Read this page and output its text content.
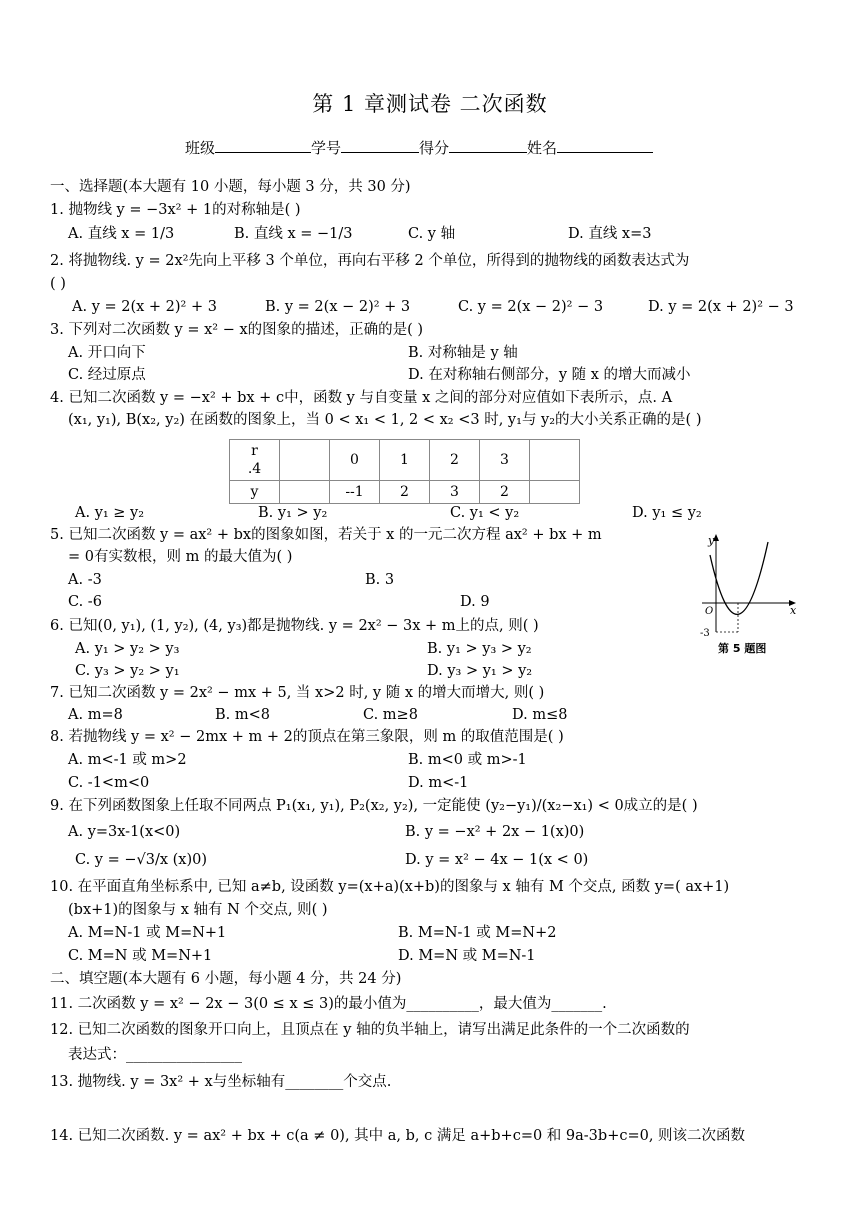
第 1 章测试卷 二次函数
班级	学号	得分	姓名
一、选择题(本大题有 10 小题，每小题 3 分，共 30 分)
1. 抛物线 y = −3x² + 1的对称轴是( )
A. 直线 x = 1/3	B. 直线 x = −1/3	C. y 轴	D. 直线 x=3
2. 将抛物线. y = 2x²先向上平移 3 个单位，再向右平移 2 个单位，所得到的抛物线的函数表达式为
( )
A. y = 2(x + 2)² + 3	B. y = 2(x − 2)² + 3	C. y = 2(x − 2)² − 3	D. y = 2(x + 2)² − 3
3. 下列对二次函数 y = x² − x的图象的描述，正确的是( )
A. 开口向下	B. 对称轴是 y 轴
C. 经过原点	D. 在对称轴右侧部分，y 随 x 的增大而减小
4. 已知二次函数 y = −x² + bx + c中，函数 y 与自变量 x 之间的部分对应值如下表所示，点. A
(x₁, y₁), B(x₂, y₂) 在函数的图象上，当 0 < x₁ < 1, 2 < x₂ <3 时, y₁与 y₂的大小关系正确的是( )
A. y₁ ≥ y₂	B. y₁ > y₂	C. y₁ < y₂	D. y₁ ≤ y₂
5. 已知二次函数 y = ax² + bx的图象如图，若关于 x 的一元二次方程 ax² + bx + m
= 0有实数根，则 m 的最大值为( )
A. -3	B. 3
C. -6	D. 9
6. 已知(0, y₁), (1, y₂), (4, y₃)都是抛物线. y = 2x² − 3x + m上的点, 则( )
A. y₁ > y₂ > y₃	B. y₁ > y₃ > y₂
C. y₃ > y₂ > y₁	D. y₃ > y₁ > y₂
7. 已知二次函数 y = 2x² − mx + 5, 当 x>2 时, y 随 x 的增大而增大, 则( )
A. m=8	B. m<8	C. m≥8	D. m≤8
8. 若抛物线 y = x² − 2mx + m + 2的顶点在第三象限，则 m 的取值范围是( )
A. m<-1 或 m>2	B. m<0 或 m>-1
C. -1<m<0	D. m<-1
9. 在下列函数图象上任取不同两点 P₁(x₁, y₁), P₂(x₂, y₂), 一定能使 (y₂−y₁)/(x₂−x₁) < 0成立的是( )
A. y=3x-1(x<0)	B. y = −x² + 2x − 1(x)0)
C. y = −√3/x (x)0)	D. y = x² − 4x − 1(x < 0)
10. 在平面直角坐标系中, 已知 a≠b, 设函数 y=(x+a)(x+b)的图象与 x 轴有 M 个交点, 函数 y=( ax+1)
(bx+1)的图象与 x 轴有 N 个交点, 则( )
A. M=N-1 或 M=N+1	B. M=N-1 或 M=N+2
C. M=N 或 M=N+1	D. M=N 或 M=N-1
二、填空题(本大题有 6 小题，每小题 4 分，共 24 分)
11. 二次函数 y = x² − 2x − 3(0 ≤ x ≤ 3)的最小值为__________，最大值为_______.
12. 已知二次函数的图象开口向上，且顶点在 y 轴的负半轴上，请写出满足此条件的一个二次函数的
表达式：________________
13. 抛物线. y = 3x² + x与坐标轴有________个交点.
14. 已知二次函数. y = ax² + bx + c(a ≠ 0), 其中 a, b, c 满足 a+b+c=0 和 9a-3b+c=0, 则该二次函数
r
.4		0	1	2	3	
y		--1	2	3	2	
y
x
O
-3
第 5 题图
